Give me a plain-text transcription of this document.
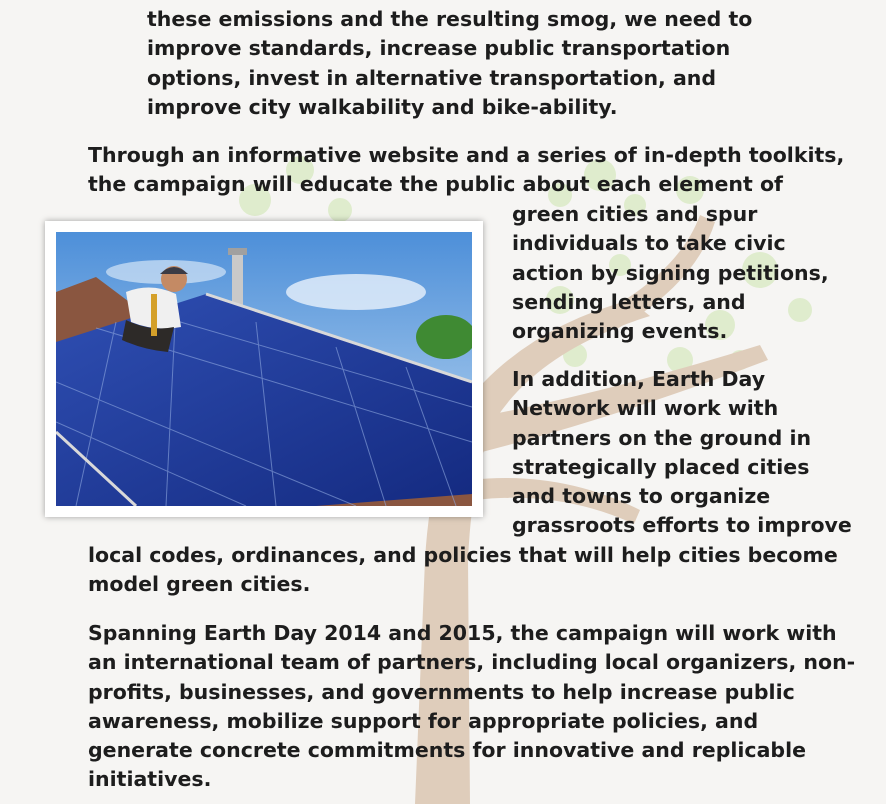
these emissions and the resulting smog, we need to
improve standards, increase public transportation
options, invest in alternative transportation, and
improve city walkability and bike-ability.

Through an informative website and a series of in-depth toolkits,
the campaign will educate the public about each element of

green cities and spur
individuals to take civic
action by signing petitions,
sending letters, and
organizing events.

In addition, Earth Day
Network will work with
partners on the ground in
strategically placed cities
and towns to organize
grassroots efforts to improve

local codes, ordinances, and policies that will help cities become
model green cities.

Spanning Earth Day 2014 and 2015, the campaign will work with
an international team of partners, including local organizers, non-
profits, businesses, and governments to help increase public
awareness, mobilize support for appropriate policies, and
generate concrete commitments for innovative and replicable
initiatives.
